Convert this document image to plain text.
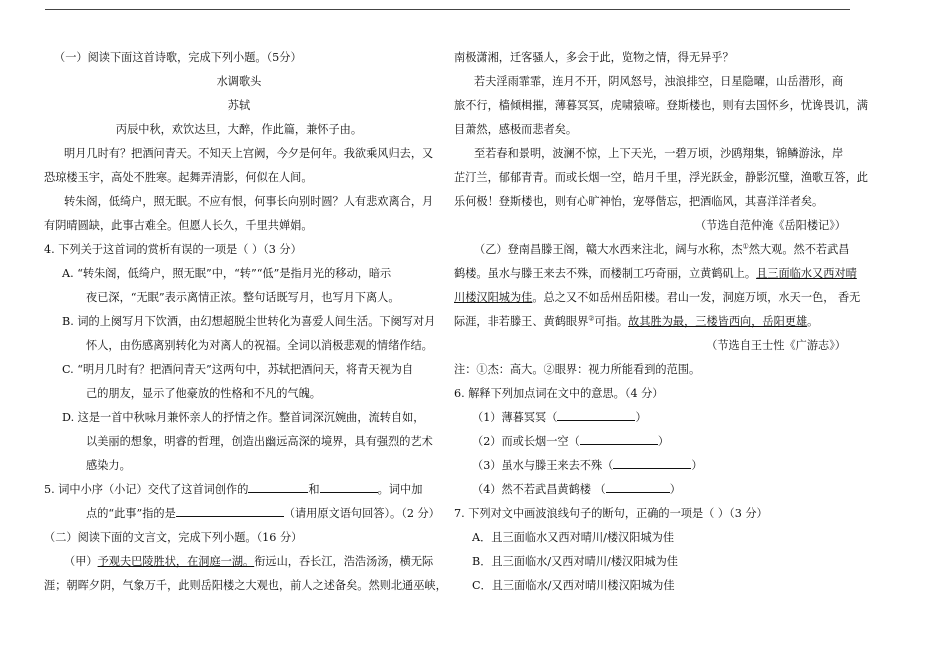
（一）阅读下面这首诗歌，完成下列小题。（5分）
水调歌头
苏轼
丙辰中秋，欢饮达旦，大醉，作此篇，兼怀子由。
明月几时有？把酒问青天。不知天上宫阙，今夕是何年。我欲乘风归去，又
恐琼楼玉宇，高处不胜寒。起舞弄清影，何似在人间。
转朱阁，低绮户，照无眠。不应有恨，何事长向别时圆？人有悲欢离合，月
有阴晴圆缺，此事古难全。但愿人长久，千里共婵娟。
4. 下列关于这首词的赏析有误的一项是（ ）（3 分）
A. “转朱阁，低绮户，照无眠”中，“转”“低”是指月光的移动，暗示
夜已深，“无眠”表示离情正浓。整句话既写月，也写月下离人。
B. 词的上阕写月下饮酒，由幻想超脱尘世转化为喜爱人间生活。下阕写对月
怀人，由伤感离别转化为对离人的祝福。全词以消极悲观的情绪作结。
C. “明月几时有？把酒问青天”这两句中，苏轼把酒问天，将青天视为自
己的朋友，显示了他豪放的性格和不凡的气魄。
D. 这是一首中秋咏月兼怀亲人的抒情之作。整首词深沉婉曲，流转自如，
以美丽的想象，明睿的哲理，创造出幽远高深的境界，具有强烈的艺术
感染力。
5. 词中小序（小记）交代了这首词创作的	和	。词中加
点的“此事”指的是	（请用原文语句回答）。（2 分）
（二）阅读下面的文言文，完成下列小题。（16 分）
（甲）予观夫巴陵胜状，在洞庭一湖。衔远山，吞长江，浩浩汤汤，横无际
涯；朝晖夕阴，气象万千，此则岳阳楼之大观也，前人之述备矣。然则北通巫峡，
南极潇湘，迁客骚人，多会于此，览物之情，得无异乎？
若夫淫雨霏霏，连月不开，阴风怒号，浊浪排空，日星隐曜，山岳潜形，商
旅不行，樯倾楫摧，薄暮冥冥，虎啸猿啼。登斯楼也，则有去国怀乡，忧谗畏讥，满
目萧然，感极而悲者矣。
至若春和景明，波澜不惊，上下天光，一碧万顷，沙鸥翔集，锦鳞游泳，岸
芷汀兰，郁郁青青。而或长烟一空，皓月千里，浮光跃金，静影沉璧，渔歌互答，此
乐何极！登斯楼也，则有心旷神怡，宠辱偕忘，把酒临风，其喜洋洋者矣。
（节选自范仲淹《岳阳楼记》）
（乙）登南昌滕王阁，赣大水西来注北，阔与水称，杰①然大观。然不若武昌
鹤楼。虽水与滕王来去不殊，而楼制工巧奇丽，立黄鹤矶上。且三面临水又西对晴
川楼汉阳城为佳。总之又不如岳州岳阳楼。君山一发，洞庭万顷，水天一色， 香无
际涯，非若滕王、黄鹤眼界②可指。故其胜为最，三楼皆西向，岳阳更雄。
（节选自王士性《广游志》）
注：①杰：高大。②眼界：视力所能看到的范围。
6. 解释下列加点词在文中的意思。（4 分）
（1）薄暮冥冥（	）
（2）而或长烟一空（	）
（3）虽水与滕王来去不殊（	）
（4）然不若武昌黄鹤楼 （	）
7. 下列对文中画波浪线句子的断句，正确的一项是（ ）（3 分）
A．且三面临水又西对晴川/楼汉阳城为佳
B．且三面临水/又西对晴川/楼汉阳城为佳
C．且三面临水/又西对晴川楼汉阳城为佳
